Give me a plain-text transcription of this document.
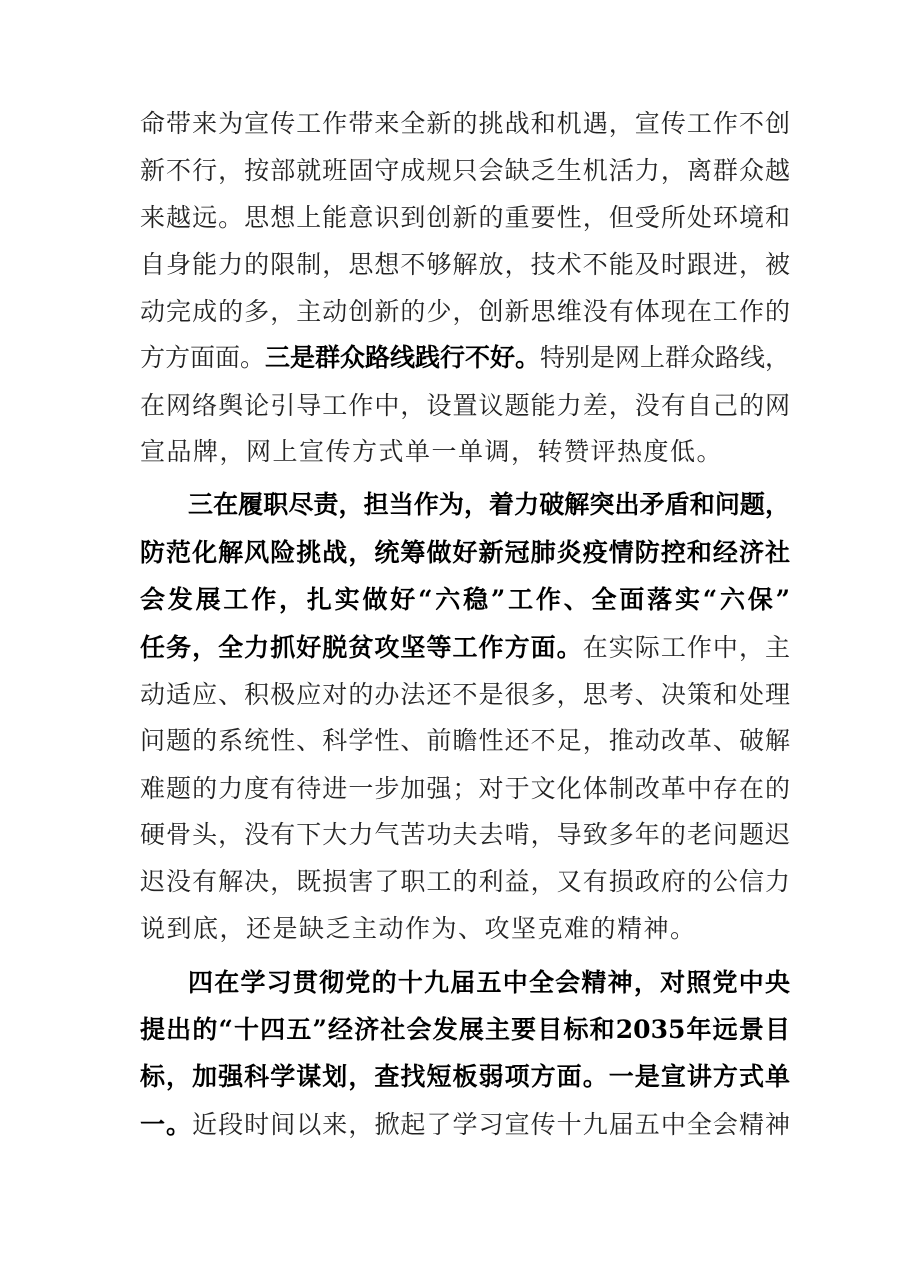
命带来为宣传工作带来全新的挑战和机遇，宣传工作不创
新不行，按部就班固守成规只会缺乏生机活力，离群众越
来越远。思想上能意识到创新的重要性，但受所处环境和
自身能力的限制，思想不够解放，技术不能及时跟进，被
动完成的多，主动创新的少，创新思维没有体现在工作的
方方面面。三是群众路线践行不好。特别是网上群众路线，
在网络舆论引导工作中，设置议题能力差，没有自己的网
宣品牌，网上宣传方式单一单调，转赞评热度低。
三在履职尽责，担当作为，着力破解突出矛盾和问题，
防范化解风险挑战，统筹做好新冠肺炎疫情防控和经济社
会发展工作，扎实做好“六稳”工作、全面落实“六保”
任务，全力抓好脱贫攻坚等工作方面。在实际工作中，主
动适应、积极应对的办法还不是很多，思考、决策和处理
问题的系统性、科学性、前瞻性还不足，推动改革、破解
难题的力度有待进一步加强；对于文化体制改革中存在的
硬骨头，没有下大力气苦功夫去啃，导致多年的老问题迟
迟没有解决，既损害了职工的利益，又有损政府的公信力
说到底，还是缺乏主动作为、攻坚克难的精神。
四在学习贯彻党的十九届五中全会精神，对照党中央
提出的“十四五”经济社会发展主要目标和2035年远景目
标，加强科学谋划，查找短板弱项方面。一是宣讲方式单
一。近段时间以来，掀起了学习宣传十九届五中全会精神
